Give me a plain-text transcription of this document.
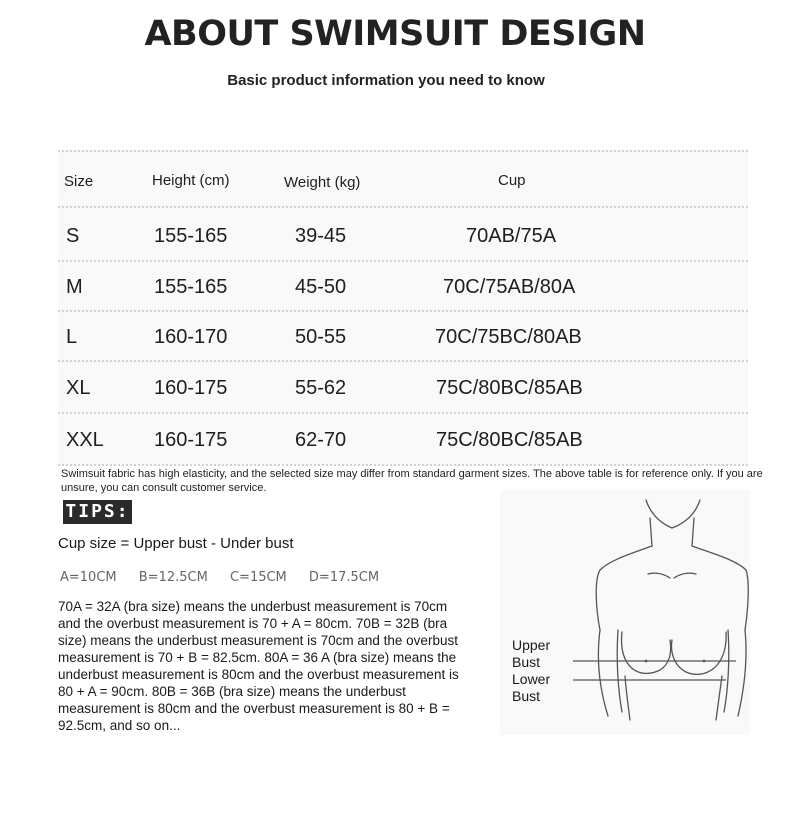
ABOUT SWIMSUIT DESIGN
Basic product information you need to know
Size	Height (cm)	Weight (kg)	Cup
S	155-165	39-45	70AB/75A
M	155-165	45-50	70C/75AB/80A
L	160-170	50-55	70C/75BC/80AB
XL	160-175	55-62	75C/80BC/85AB
XXL	160-175	62-70	75C/80BC/85AB
Swimsuit fabric has high elasticity, and the selected size may differ from standard garment sizes. The above table is for reference only. If you are unsure, you can consult customer service.
TIPS:
Cup size = Upper bust - Under bust
A=10CM B=12.5CM C=15CM D=17.5CM
70A = 32A (bra size) means the underbust measurement is 70cm and the overbust measurement is 70 + A = 80cm. 70B = 32B (bra size) means the underbust measurement is 70cm and the overbust measurement is 70 + B = 82.5cm. 80A = 36 A (bra size) means the underbust measurement is 80cm and the overbust measurement is 80 + A = 90cm. 80B = 36B (bra size) means the underbust measurement is 80cm and the overbust measurement is 80 + B = 92.5cm, and so on...
Upper
Bust
Lower
Bust
